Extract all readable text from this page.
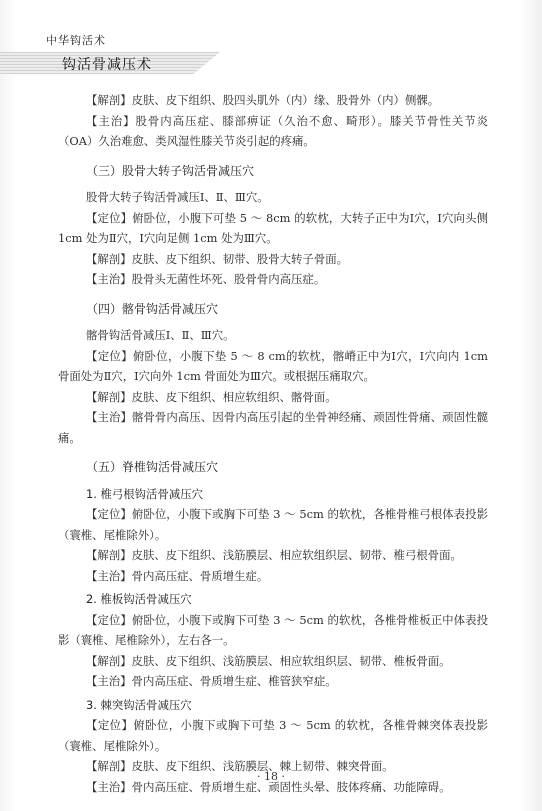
中华钩活术
钩活骨减压术

【解剖】皮肤、皮下组织、股四头肌外（内）缘、股骨外（内）侧髁。

【主治】股骨内高压症、膝部痹证（久治不愈、畸形）。膝关节骨性关节炎（OA）久治难愈、类风湿性膝关节炎引起的疼痛。

（三）股骨大转子钩活骨减压穴

股骨大转子钩活骨减压Ⅰ、Ⅱ、Ⅲ穴。

【定位】俯卧位，小腹下可垫 5 ～ 8cm 的软枕，大转子正中为Ⅰ穴，Ⅰ穴向头侧 1cm 处为Ⅱ穴，Ⅰ穴向足侧 1cm 处为Ⅲ穴。

【解剖】皮肤、皮下组织、韧带、股骨大转子骨面。

【主治】股骨头无菌性坏死、股骨骨内高压症。

（四）髂骨钩活骨减压穴

髂骨钩活骨减压Ⅰ、Ⅱ、Ⅲ穴。

【定位】俯卧位，小腹下垫 5 ～ 8 cm的软枕，髂嵴正中为Ⅰ穴，Ⅰ穴向内 1cm 骨面处为Ⅱ穴，Ⅰ穴向外 1cm 骨面处为Ⅲ穴。或根据压痛取穴。

【解剖】皮肤、皮下组织、相应软组织、髂骨面。

【主治】髂骨骨内高压、因骨内高压引起的坐骨神经痛、顽固性骨痛、顽固性髋痛。

（五）脊椎钩活骨减压穴
1. 椎弓根钩活骨减压穴

【定位】俯卧位，小腹下或胸下可垫 3 ～ 5cm 的软枕，各椎骨椎弓根体表投影（寰椎、尾椎除外）。

【解剖】皮肤、皮下组织、浅筋膜层、相应软组织层、韧带、椎弓根骨面。

【主治】骨内高压症、骨质增生症。

2. 椎板钩活骨减压穴

【定位】俯卧位，小腹下或胸下可垫 3 ～ 5cm 的软枕，各椎骨椎板正中体表投影（寰椎、尾椎除外），左右各一。

【解剖】皮肤、皮下组织、浅筋膜层、相应软组织层、韧带、椎板骨面。

【主治】骨内高压症、骨质增生症、椎管狭窄症。

3. 棘突钩活骨减压穴

【定位】俯卧位，小腹下或胸下可垫 3 ～ 5cm 的软枕，各椎骨棘突体表投影（寰椎、尾椎除外）。

【解剖】皮肤、皮下组织、浅筋膜层、棘上韧带、棘突骨面。

【主治】骨内高压症、骨质增生症、顽固性头晕、肢体疼痛、功能障碍。

· 18 ·
